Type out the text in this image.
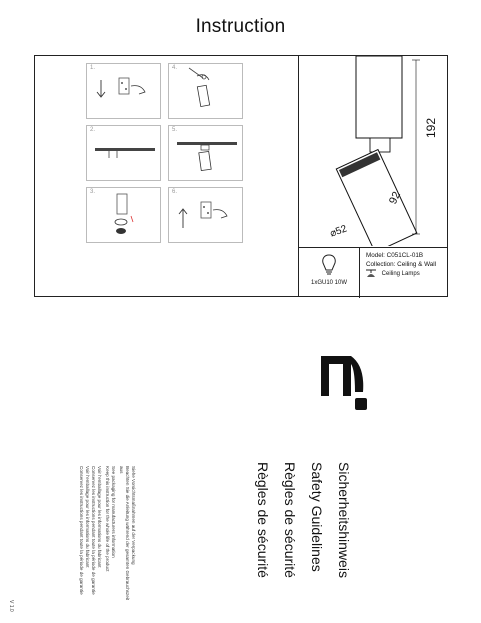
Instruction
1.	4.
2.	5.
3.	6.
192
92
⌀52
1xGU10 10W
Model: C051CL-01B
Collection: Ceiling & Wall
Ceiling Lamps
Sicherheitshinweis
Safety Guidelines
Règles de sécurité
Règles de sécurité
Siehe Vorsichtsmaßnahmen auf der Verpackung
Beachten Sie die Anleitung während der gesamten Gebrauchszeit
aus
See packaging for manufacturers information
Keep this instruction for the whole life of the product
Voir l'emballage pour les informations du fabricant
Conservez les instructions pendant toute la période de garantie
Voir l'emballage pour les informations du fabricant
Conservez les instructions pendant toute la période de garantie
V 1.0
